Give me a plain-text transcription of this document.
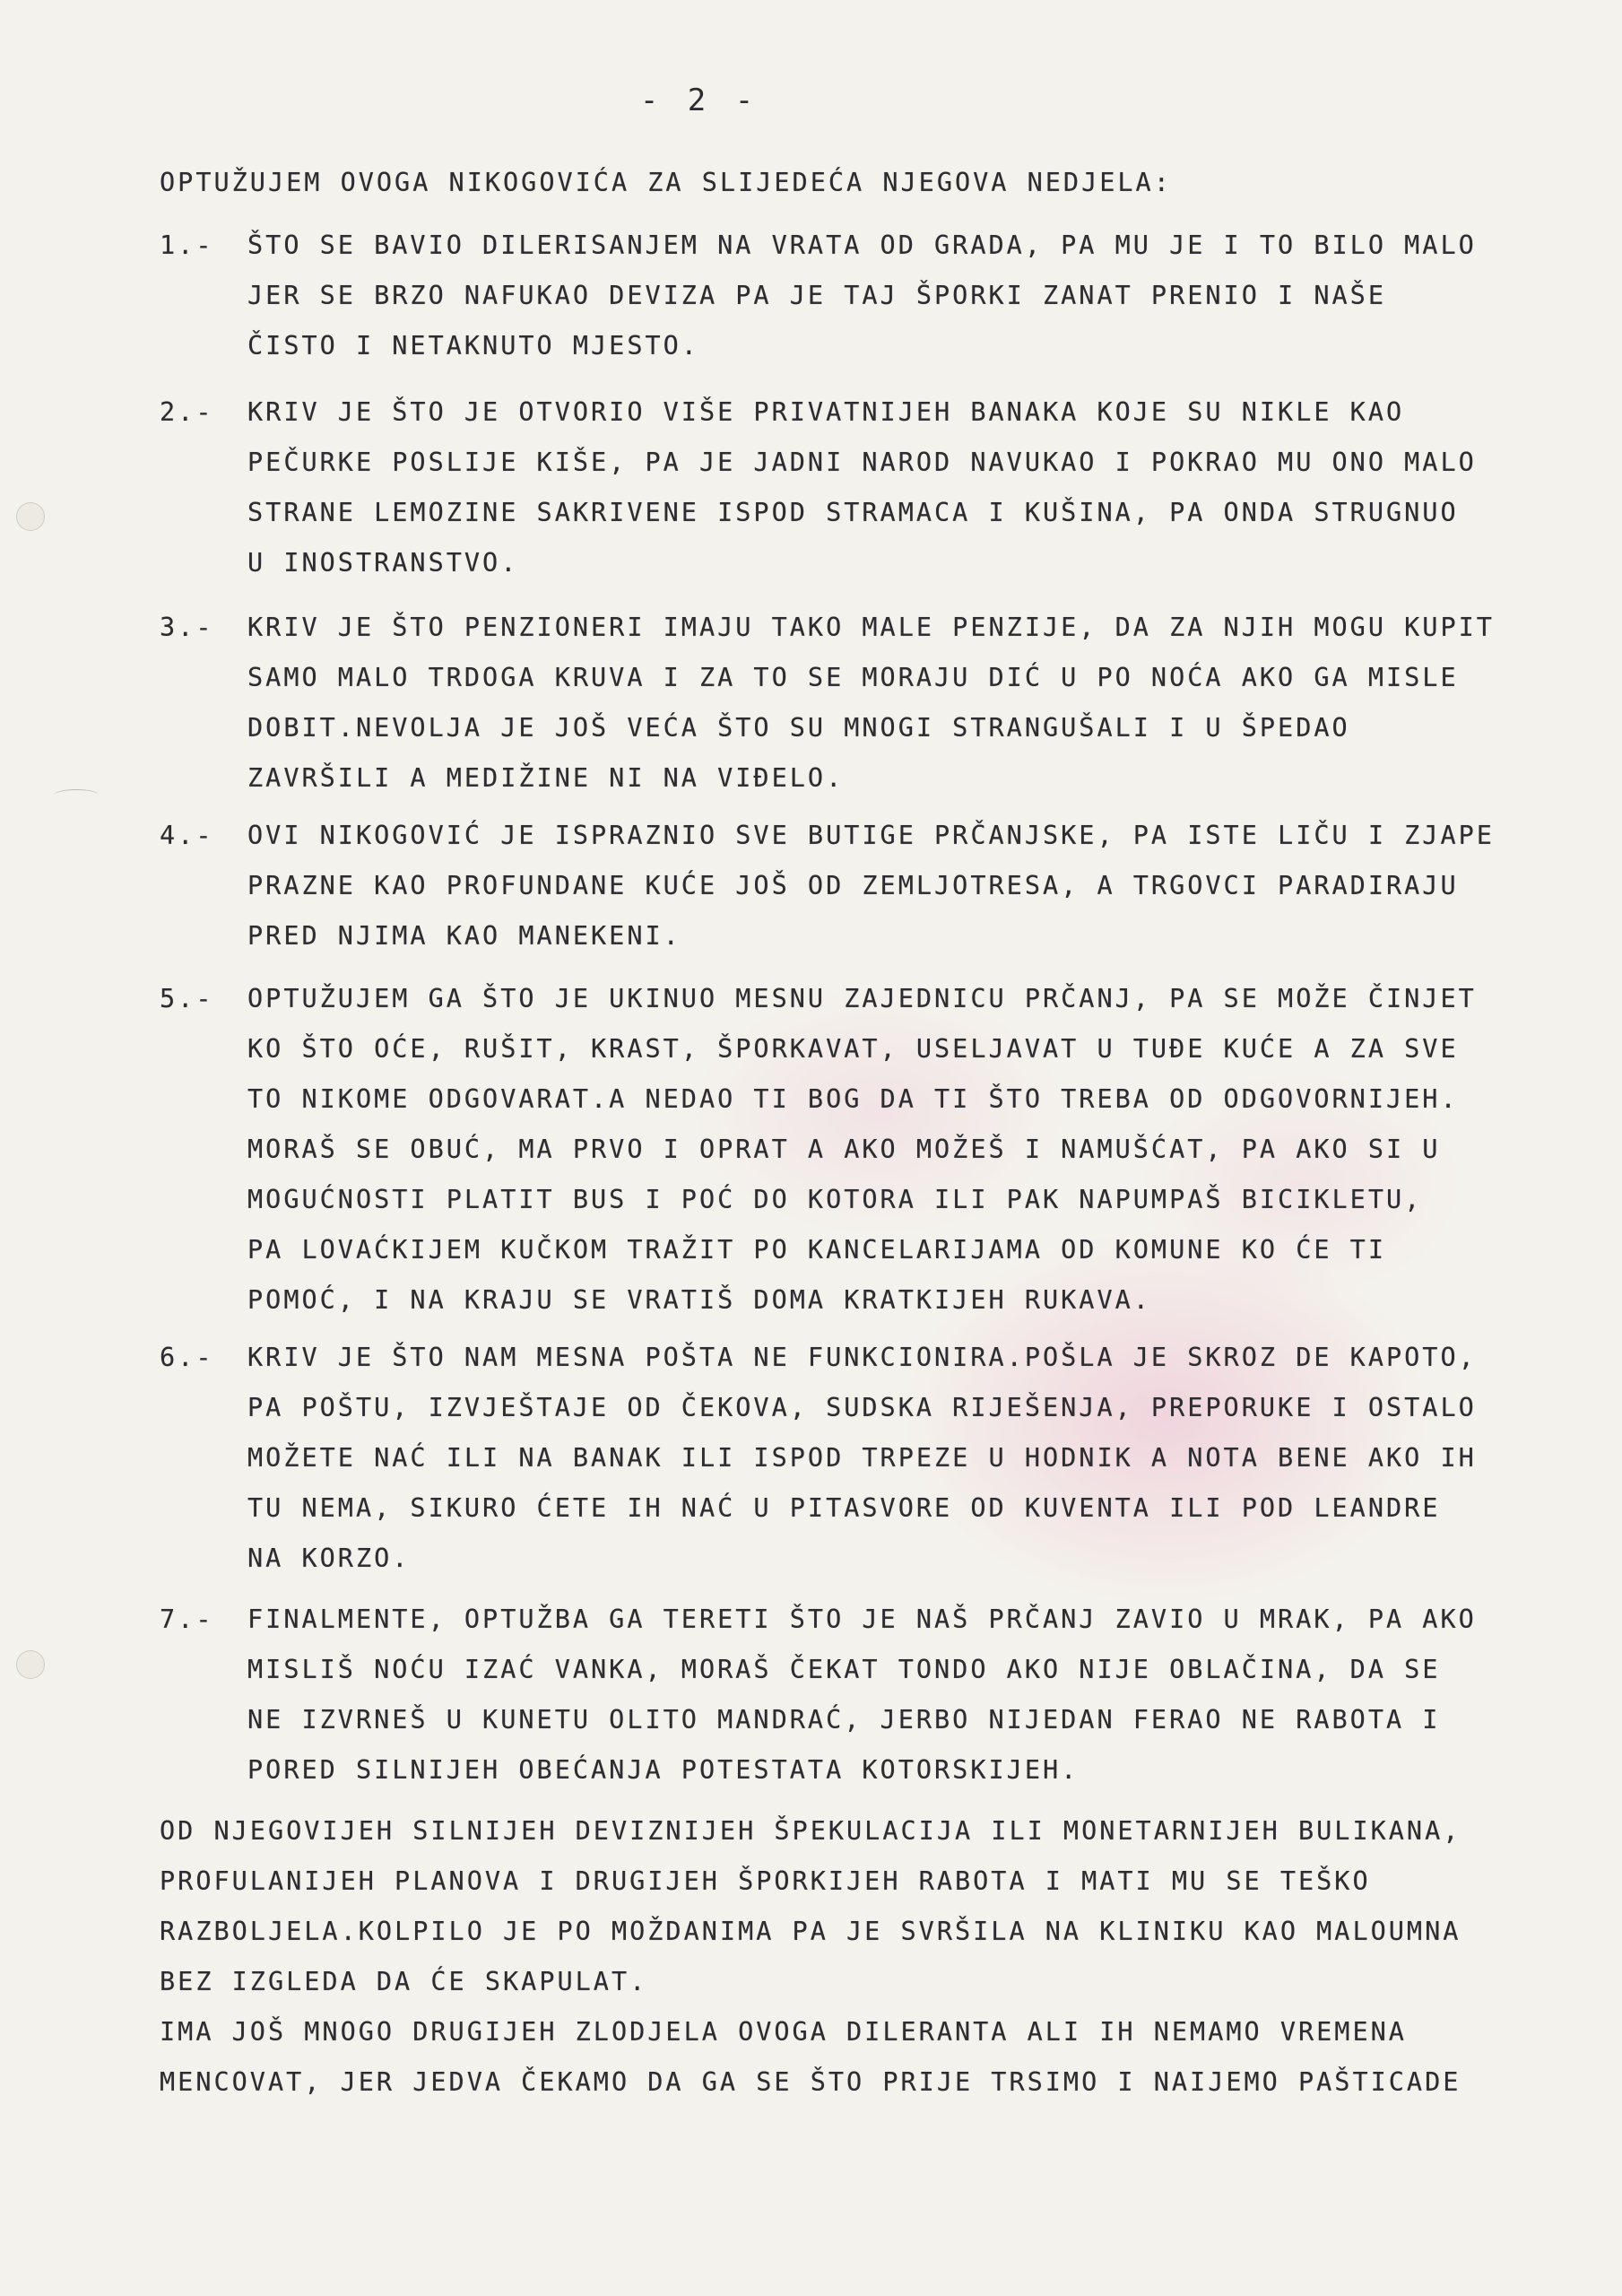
- 2 -
OPTUŽUJEM OVOGA NIKOGOVIĆA ZA SLIJEDEĆA NJEGOVA NEDJELA:
1.-	ŠTO SE BAVIO DILERISANJEM NA VRATA OD GRADA, PA MU JE I TO BILO MALO
JER SE BRZO NAFUKAO DEVIZA PA JE TAJ ŠPORKI ZANAT PRENIO I NAŠE
ČISTO I NETAKNUTO MJESTO.
2.-	KRIV JE ŠTO JE OTVORIO VIŠE PRIVATNIJEH BANAKA KOJE SU NIKLE KAO
PEČURKE POSLIJE KIŠE, PA JE JADNI NAROD NAVUKAO I POKRAO MU ONO MALO
STRANE LEMOZINE SAKRIVENE ISPOD STRAMACA I KUŠINA, PA ONDA STRUGNUO
U INOSTRANSTVO.
3.-	KRIV JE ŠTO PENZIONERI IMAJU TAKO MALE PENZIJE, DA ZA NJIH MOGU KUPIT
SAMO MALO TRDOGA KRUVA I ZA TO SE MORAJU DIĆ U PO NOĆA AKO GA MISLE
DOBIT.NEVOLJA JE JOŠ VEĆA ŠTO SU MNOGI STRANGUŠALI I U ŠPEDAO
ZAVRŠILI A MEDIŽINE NI NA VIĐELO.
4.-	OVI NIKOGOVIĆ JE ISPRAZNIO SVE BUTIGE PRČANJSKE, PA ISTE LIČU I ZJAPE
PRAZNE KAO PROFUNDANE KUĆE JOŠ OD ZEMLJOTRESA, A TRGOVCI PARADIRAJU
PRED NJIMA KAO MANEKENI.
5.-	OPTUŽUJEM GA ŠTO JE UKINUO MESNU ZAJEDNICU PRČANJ, PA SE MOŽE ČINJET
KO ŠTO OĆE, RUŠIT, KRAST, ŠPORKAVAT, USELJAVAT U TUĐE KUĆE A ZA SVE
TO NIKOME ODGOVARAT.A NEDAO TI BOG DA TI ŠTO TREBA OD ODGOVORNIJEH.
MORAŠ SE OBUĆ, MA PRVO I OPRAT A AKO MOŽEŠ I NAMUŠĆAT, PA AKO SI U
MOGUĆNOSTI PLATIT BUS I POĆ DO KOTORA ILI PAK NAPUMPAŠ BICIKLETU,
PA LOVAĆKIJEM KUČKOM TRAŽIT PO KANCELARIJAMA OD KOMUNE KO ĆE TI
POMOĆ, I NA KRAJU SE VRATIŠ DOMA KRATKIJEH RUKAVA.
6.-	KRIV JE ŠTO NAM MESNA POŠTA NE FUNKCIONIRA.POŠLA JE SKROZ DE KAPOTO,
PA POŠTU, IZVJEŠTAJE OD ČEKOVA, SUDSKA RIJEŠENJA, PREPORUKE I OSTALO
MOŽETE NAĆ ILI NA BANAK ILI ISPOD TRPEZE U HODNIK A NOTA BENE AKO IH
TU NEMA, SIKURO ĆETE IH NAĆ U PITASVORE OD KUVENTA ILI POD LEANDRE
NA KORZO.
7.-	FINALMENTE, OPTUŽBA GA TERETI ŠTO JE NAŠ PRČANJ ZAVIO U MRAK, PA AKO
MISLIŠ NOĆU IZAĆ VANKA, MORAŠ ČEKAT TONDO AKO NIJE OBLAČINA, DA SE
NE IZVRNEŠ U KUNETU OLITO MANDRAĆ, JERBO NIJEDAN FERAO NE RABOTA I
PORED SILNIJEH OBEĆANJA POTESTATA KOTORSKIJEH.
OD NJEGOVIJEH SILNIJEH DEVIZNIJEH ŠPEKULACIJA ILI MONETARNIJEH BULIKANA,
PROFULANIJEH PLANOVA I DRUGIJEH ŠPORKIJEH RABOTA I MATI MU SE TEŠKO
RAZBOLJELA.KOLPILO JE PO MOŽDANIMA PA JE SVRŠILA NA KLINIKU KAO MALOUMNA
BEZ IZGLEDA DA ĆE SKAPULAT.
IMA JOŠ MNOGO DRUGIJEH ZLODJELA OVOGA DILERANTA ALI IH NEMAMO VREMENA
MENCOVAT, JER JEDVA ČEKAMO DA GA SE ŠTO PRIJE TRSIMO I NAIJEMO PAŠTICADE
